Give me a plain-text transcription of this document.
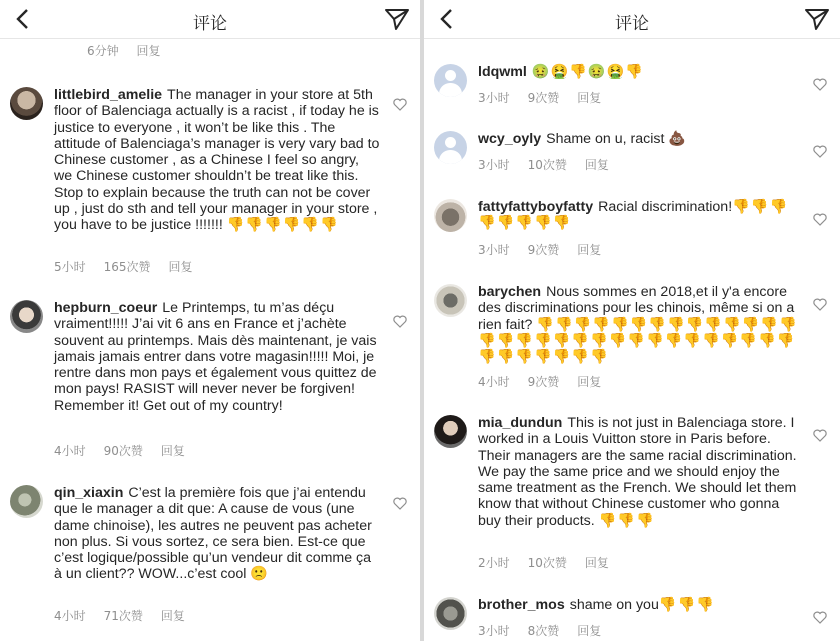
评论
6分钟 回复
littlebird_amelie The manager in your store at 5th floor of Balenciaga actually is a racist , if today he is justice to everyone , it won’t be like this . The attitude of Balenciaga’s manager is very vary bad to Chinese customer , as a Chinese I feel so angry, we Chinese customer shouldn’t be treat like this. Stop to explain because the truth can not be cover up , just do sth and tell your manager in your store , you have to be justice !!!!!!! 👎👎👎👎👎👎
5小时 165次赞 回复
hepburn_coeur Le Printemps, tu m’as déçu vraiment!!!!! J’ai vit 6 ans en France et j’achète souvent au printemps. Mais dès maintenant, je vais jamais jamais entrer dans votre magasin!!!!! Moi, je rentre dans mon pays et également vous quittez de mon pays! RASIST will never never be forgiven! Remember it! Get out of my country!
4小时 90次赞 回复
qin_xiaxin C’est la première fois que j’ai entendu que le manager a dit que: A cause de vous (une dame chinoise), les autres ne peuvent pas acheter non plus. Si vous sortez, ce sera bien. Est-ce que c’est logique/possible qu’un vendeur dit comme ça à un client?? WOW...c’est cool 🙁
4小时 71次赞 回复
评论
ldqwml 🤢🤮👎🤢🤮👎
3小时 9次赞 回复
wcy_oyly Shame on u, racist 💩
3小时 10次赞 回复
fattyfattyboyfatty Racial discrimination!👎👎👎👎👎👎👎👎
3小时 9次赞 回复
barychen Nous sommes en 2018,et il y'a encore des discriminations pour les chinois, même si on a rien fait? 👎👎👎👎👎👎👎👎👎👎👎👎👎👎👎👎👎👎👎👎👎👎👎👎👎👎👎👎👎👎👎👎👎👎👎👎👎👎
4小时 9次赞 回复
mia_dundun This is not just in Balenciaga store. I worked in a Louis Vuitton store in Paris before. Their managers are the same racial discrimination. We pay the same price and we should enjoy the same treatment as the French. We should let them know that without Chinese customer who gonna buy their products. 👎👎👎
2小时 10次赞 回复
brother_mos shame on you👎👎👎
3小时 8次赞 回复
